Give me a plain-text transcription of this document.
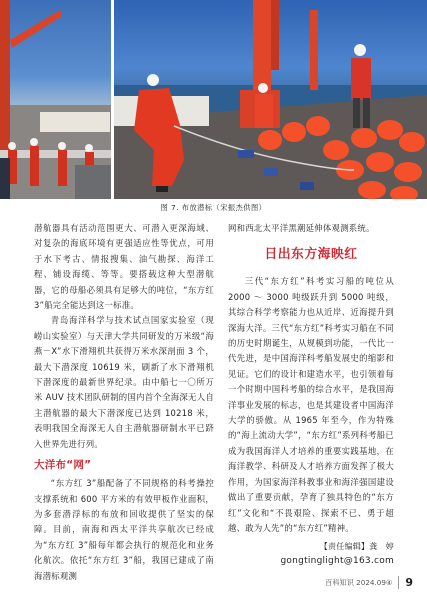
图 7. 布放潜标（宋振杰供图）

潜航器具有活动范围更大、可潜入更深海域、对复杂的海底环境有更强适应性等优点，可用于水下考古、情报搜集、油气勘探、海洋工程、铺设海缆、等等。要搭载这种大型潜航器，它的母船必须具有足够大的吨位，“东方红 3”船完全能达到这一标准。

青岛海洋科学与技术试点国家实验室（现崂山实验室）与天津大学共同研发的万米级“海燕－X”水下滑翔机共获得万米水深剖面 3 个，最大下潜深度 10619 米，刷新了水下滑翔机下潜深度的最新世界纪录。由中船七一〇所万米 AUV 技术团队研制的国内首个全海深无人自主潜航器的最大下潜深度已达到 10218 米，表明我国全海深无人自主潜航器研制水平已跻入世界先进行列。

大洋布“网”

“东方红 3”船配备了不同规格的科考操控支撑系统和 600 平方米的有效甲板作业面积，为多套潜浮标的布放和回收提供了坚实的保障。目前，南海和西太平洋共享航次已经成为“东方红 3”船每年都会执行的规范化和业务化航次。依托“东方红 3”船，我国已建成了南海潜标观测

网和西北太平洋黑潮延伸体观测系统。

日出东方海映红

三代“东方红”科考实习船的吨位从 2000 ～ 3000 吨级跃升到 5000 吨级，其综合科学考察能力也从近岸、近海提升到深海大洋。三代“东方红”科考实习船在不同的历史时期诞生，从规模到功能，一代比一代先进，是中国海洋科考船发展史的缩影和见证。它们的设计和建造水平，也引领着每一个时期中国科考船的综合水平，是我国海洋事业发展的标志，也是其建设者中国海洋大学的骄傲。从 1965 年至今，作为特殊的“海上流动大学”，“东方红”系列科考船已成为我国海洋人才培养的重要实践基地，在海洋教学、科研及人才培养方面发挥了极大作用，为国家海洋科教事业和海洋强国建设做出了重要贡献，孕育了独具特色的“东方红”文化和“不畏艰险、探索不已、勇于超越、敢为人先”的“东方红”精神。

【责任编辑】龚　婷
gongtinglight@163.com
百科知识 2024.09④	9
